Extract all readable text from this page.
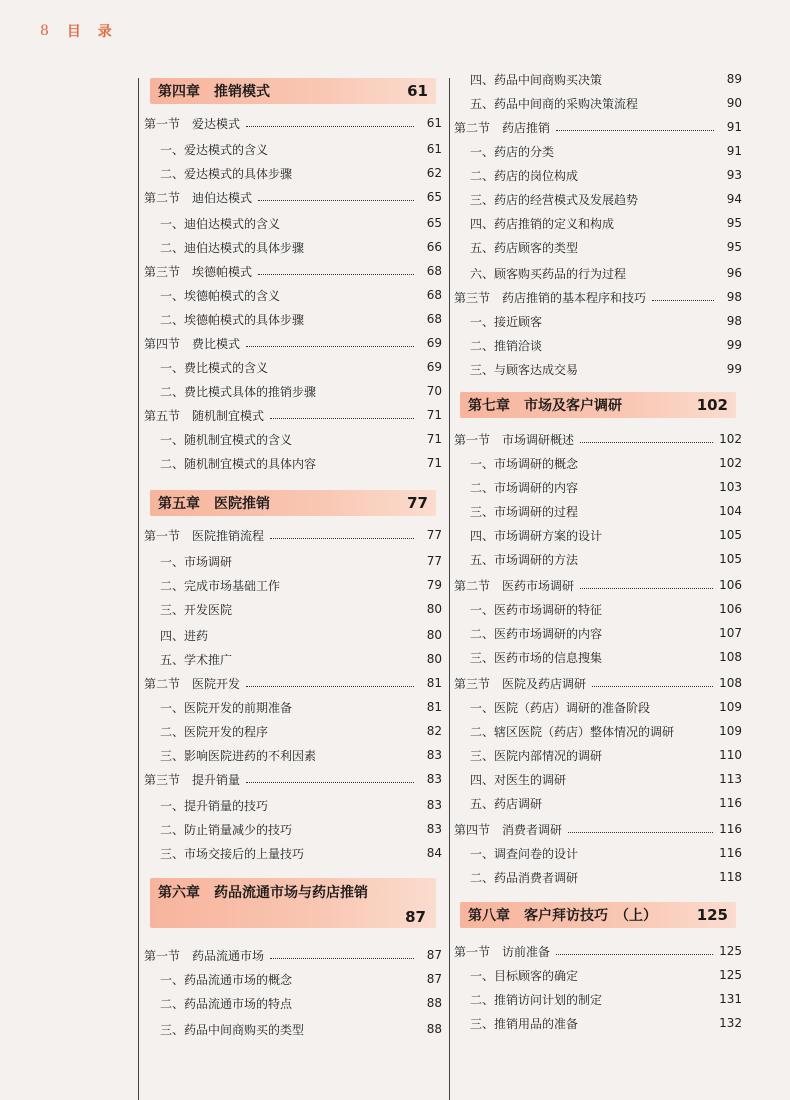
8 目 录
第四章　推销模式	61
第一节　爱达模式	61
一、爱达模式的含义	61
二、爱达模式的具体步骤	62
第二节　迪伯达模式	65
一、迪伯达模式的含义	65
二、迪伯达模式的具体步骤	66
第三节　埃德帕模式	68
一、埃德帕模式的含义	68
二、埃德帕模式的具体步骤	68
第四节　费比模式	69
一、费比模式的含义	69
二、费比模式具体的推销步骤	70
第五节　随机制宜模式	71
一、随机制宜模式的含义	71
二、随机制宜模式的具体内容	71
第五章　医院推销	77
第一节　医院推销流程	77
一、市场调研	77
二、完成市场基础工作	79
三、开发医院	80
四、进药	80
五、学术推广	80
第二节　医院开发	81
一、医院开发的前期准备	81
二、医院开发的程序	82
三、影响医院进药的不利因素	83
第三节　提升销量	83
一、提升销量的技巧	83
二、防止销量减少的技巧	83
三、市场交接后的上量技巧	84
第六章　药品流通市场与药店推销
87
第一节　药品流通市场	87
一、药品流通市场的概念	87
二、药品流通市场的特点	88
三、药品中间商购买的类型	88
四、药品中间商购买决策	89
五、药品中间商的采购决策流程	90
第二节　药店推销	91
一、药店的分类	91
二、药店的岗位构成	93
三、药店的经营模式及发展趋势	94
四、药店推销的定义和构成	95
五、药店顾客的类型	95
六、顾客购买药品的行为过程	96
第三节　药店推销的基本程序和技巧	98
一、接近顾客	98
二、推销洽谈	99
三、与顾客达成交易	99
第七章　市场及客户调研	102
第一节　市场调研概述	102
一、市场调研的概念	102
二、市场调研的内容	103
三、市场调研的过程	104
四、市场调研方案的设计	105
五、市场调研的方法	105
第二节　医药市场调研	106
一、医药市场调研的特征	106
二、医药市场调研的内容	107
三、医药市场的信息搜集	108
第三节　医院及药店调研	108
一、医院（药店）调研的准备阶段	109
二、辖区医院（药店）整体情况的调研	109
三、医院内部情况的调研	110
四、对医生的调研	113
五、药店调研	116
第四节　消费者调研	116
一、调查问卷的设计	116
二、药品消费者调研	118
第八章　客户拜访技巧　（上）	125
第一节　访前准备	125
一、目标顾客的确定	125
二、推销访问计划的制定	131
三、推销用品的准备	132
